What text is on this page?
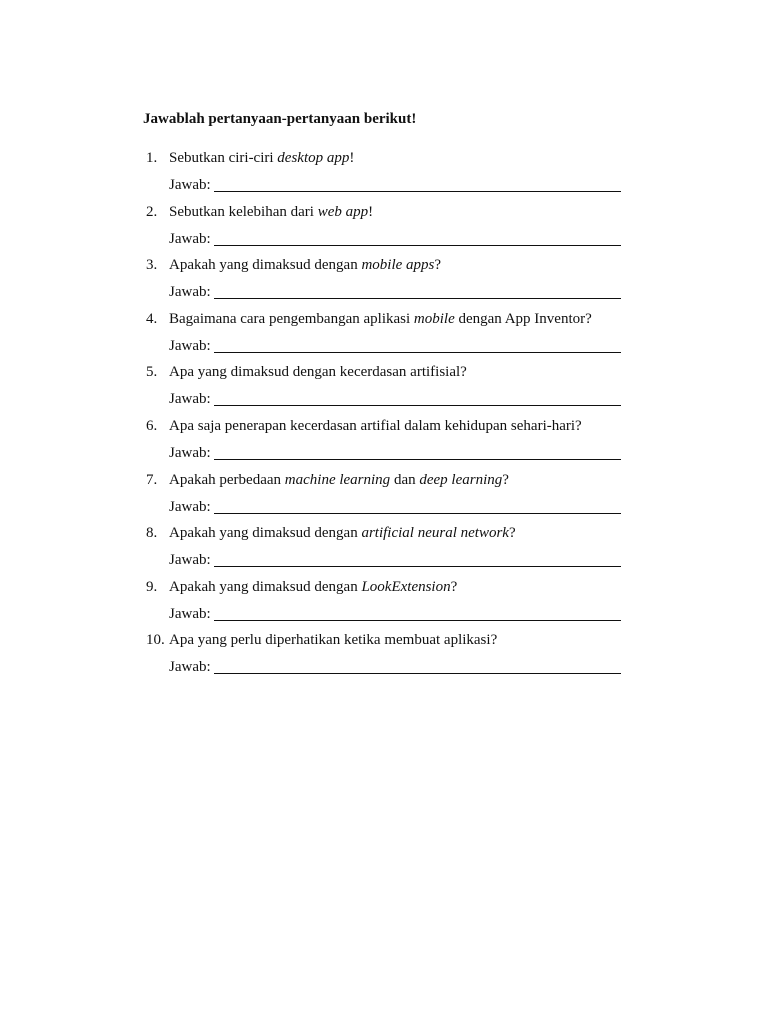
Jawablah pertanyaan-pertanyaan berikut!
1. Sebutkan ciri-ciri desktop app!
Jawab:
2. Sebutkan kelebihan dari web app!
Jawab:
3. Apakah yang dimaksud dengan mobile apps?
Jawab:
4. Bagaimana cara pengembangan aplikasi mobile dengan App Inventor?
Jawab:
5. Apa yang dimaksud dengan kecerdasan artifisial?
Jawab:
6. Apa saja penerapan kecerdasan artifial dalam kehidupan sehari-hari?
Jawab:
7. Apakah perbedaan machine learning dan deep learning?
Jawab:
8. Apakah yang dimaksud dengan artificial neural network?
Jawab:
9. Apakah yang dimaksud dengan LookExtension?
Jawab:
10. Apa yang perlu diperhatikan ketika membuat aplikasi?
Jawab:
